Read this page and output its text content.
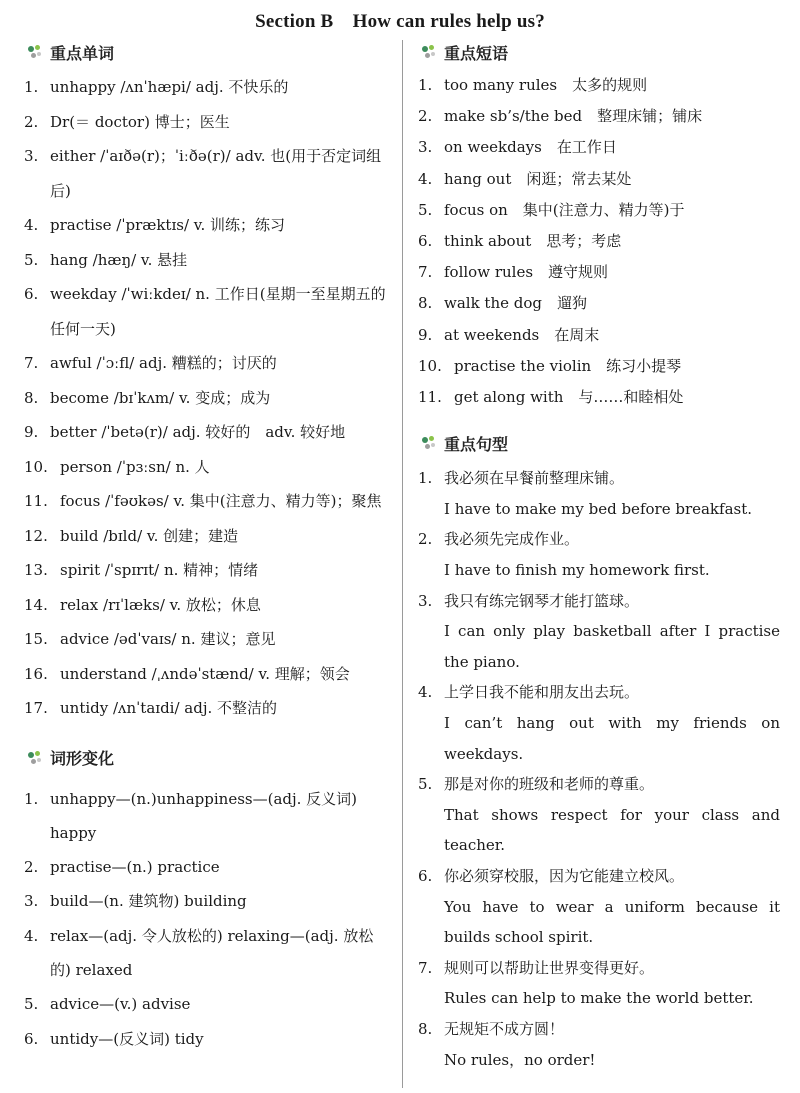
Section B　How can rules help us?
重点单词
1. unhappy /ʌnˈhæpi/ adj. 不快乐的
2. Dr(＝ doctor) 博士；医生
3. either /ˈaɪðə(r)；ˈiːðə(r)/ adv. 也(用于否定词组后)
4. practise /ˈpræktɪs/ v. 训练；练习
5. hang /hæŋ/ v. 悬挂
6. weekday /ˈwiːkdeɪ/ n. 工作日(星期一至星期五的任何一天)
7. awful /ˈɔːfl/ adj. 糟糕的；讨厌的
8. become /bɪˈkʌm/ v. 变成；成为
9. better /ˈbetə(r)/ adj. 较好的　adv. 较好地
10. person /ˈpɜːsn/ n. 人
11. focus /ˈfəʊkəs/ v. 集中(注意力、精力等)；聚焦
12. build /bɪld/ v. 创建；建造
13. spirit /ˈspɪrɪt/ n. 精神；情绪
14. relax /rɪˈlæks/ v. 放松；休息
15. advice /ədˈvaɪs/ n. 建议；意见
16. understand /ˌʌndəˈstænd/ v. 理解；领会
17. untidy /ʌnˈtaɪdi/ adj. 不整洁的
词形变化
1. unhappy—(n.)unhappiness—(adj. 反义词) happy
2. practise—(n.) practice
3. build—(n. 建筑物) building
4. relax—(adj. 令人放松的) relaxing—(adj. 放松的) relaxed
5. advice—(v.) advise
6. untidy—(反义词) tidy
重点短语
1. too many rules　太多的规则
2. make sb’s/the bed　整理床铺；铺床
3. on weekdays　在工作日
4. hang out　闲逛；常去某处
5. focus on　集中(注意力、精力等)于
6. think about　思考；考虑
7. follow rules　遵守规则
8. walk the dog　遛狗
9. at weekends　在周末
10. practise the violin　练习小提琴
11. get along with　与……和睦相处
重点句型
1. 我必须在早餐前整理床铺。
I have to make my bed before breakfast.
2. 我必须先完成作业。
I have to finish my homework first.
3. 我只有练完钢琴才能打篮球。
I can only play basketball after I practise the piano.
4. 上学日我不能和朋友出去玩。
I can’t hang out with my friends on weekdays.
5. 那是对你的班级和老师的尊重。
That shows respect for your class and teacher.
6. 你必须穿校服，因为它能建立校风。
You have to wear a uniform because it builds school spirit.
7. 规则可以帮助让世界变得更好。
Rules can help to make the world better.
8. 无规矩不成方圆！
No rules，no order!
